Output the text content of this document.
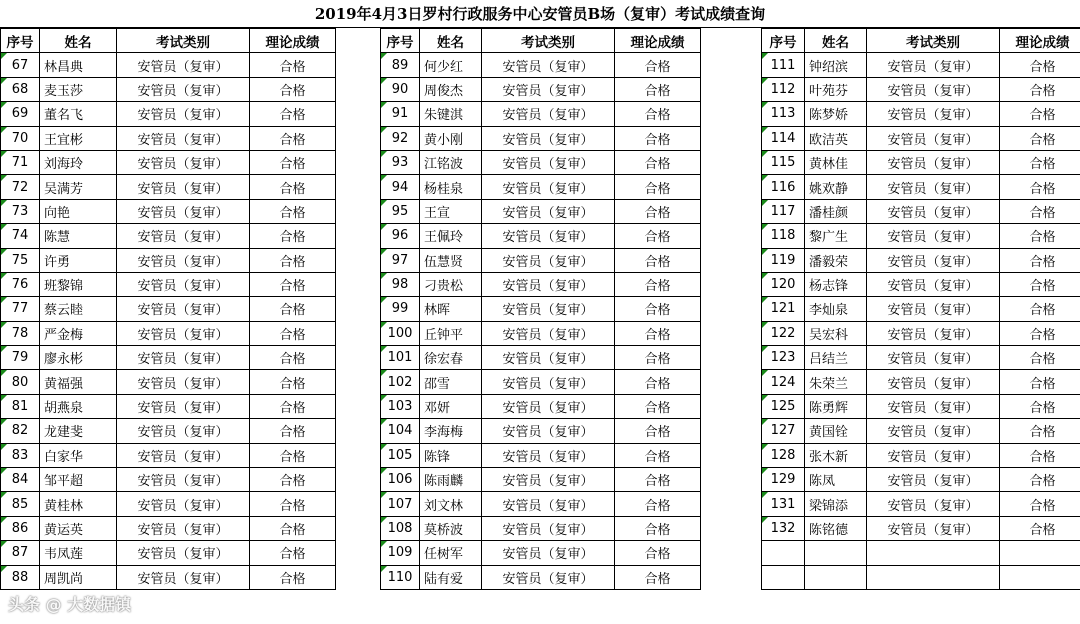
2019年4月3日罗村行政服务中心安管员B场（复审）考试成绩查询
序号	姓名	考试类别	理论成绩

67	林昌典	安管员（复审）	合格

68	麦玉莎	安管员（复审）	合格

69	董名飞	安管员（复审）	合格

70	王宜彬	安管员（复审）	合格

71	刘海玲	安管员（复审）	合格

72	吴满芳	安管员（复审）	合格

73	向艳	安管员（复审）	合格

74	陈慧	安管员（复审）	合格

75	许勇	安管员（复审）	合格

76	班黎锦	安管员（复审）	合格

77	蔡云睦	安管员（复审）	合格

78	严金梅	安管员（复审）	合格

79	廖永彬	安管员（复审）	合格

80	黄福强	安管员（复审）	合格

81	胡燕泉	安管员（复审）	合格

82	龙建斐	安管员（复审）	合格

83	白家华	安管员（复审）	合格

84	邹平超	安管员（复审）	合格

85	黄桂林	安管员（复审）	合格

86	黄运英	安管员（复审）	合格

87	韦凤莲	安管员（复审）	合格

88	周凯尚	安管员（复审）	合格
序号	姓名	考试类别	理论成绩

89	何少红	安管员（复审）	合格

90	周俊杰	安管员（复审）	合格

91	朱键淇	安管员（复审）	合格

92	黄小刚	安管员（复审）	合格

93	江铭波	安管员（复审）	合格

94	杨桂泉	安管员（复审）	合格

95	王宣	安管员（复审）	合格

96	王佩玲	安管员（复审）	合格

97	伍慧贤	安管员（复审）	合格

98	刁贵松	安管员（复审）	合格

99	林晖	安管员（复审）	合格

100	丘钟平	安管员（复审）	合格

101	徐宏春	安管员（复审）	合格

102	邵雪	安管员（复审）	合格

103	邓妍	安管员（复审）	合格

104	李海梅	安管员（复审）	合格

105	陈锋	安管员（复审）	合格

106	陈雨麟	安管员（复审）	合格

107	刘文林	安管员（复审）	合格

108	莫桥波	安管员（复审）	合格

109	任树军	安管员（复审）	合格

110	陆有爱	安管员（复审）	合格
序号	姓名	考试类别	理论成绩

111	钟绍滨	安管员（复审）	合格

112	叶苑芬	安管员（复审）	合格

113	陈梦娇	安管员（复审）	合格

114	欧洁英	安管员（复审）	合格

115	黄林佳	安管员（复审）	合格

116	姚欢静	安管员（复审）	合格

117	潘桂颜	安管员（复审）	合格

118	黎广生	安管员（复审）	合格

119	潘毅荣	安管员（复审）	合格

120	杨志锋	安管员（复审）	合格

121	李灿泉	安管员（复审）	合格

122	吴宏科	安管员（复审）	合格

123	吕结兰	安管员（复审）	合格

124	朱荣兰	安管员（复审）	合格

125	陈勇辉	安管员（复审）	合格

127	黄国铨	安管员（复审）	合格

128	张木新	安管员（复审）	合格

129	陈凤	安管员（复审）	合格

131	梁锦添	安管员（复审）	合格

132	陈铭德	安管员（复审）	合格

头条 @ 大数据镇
